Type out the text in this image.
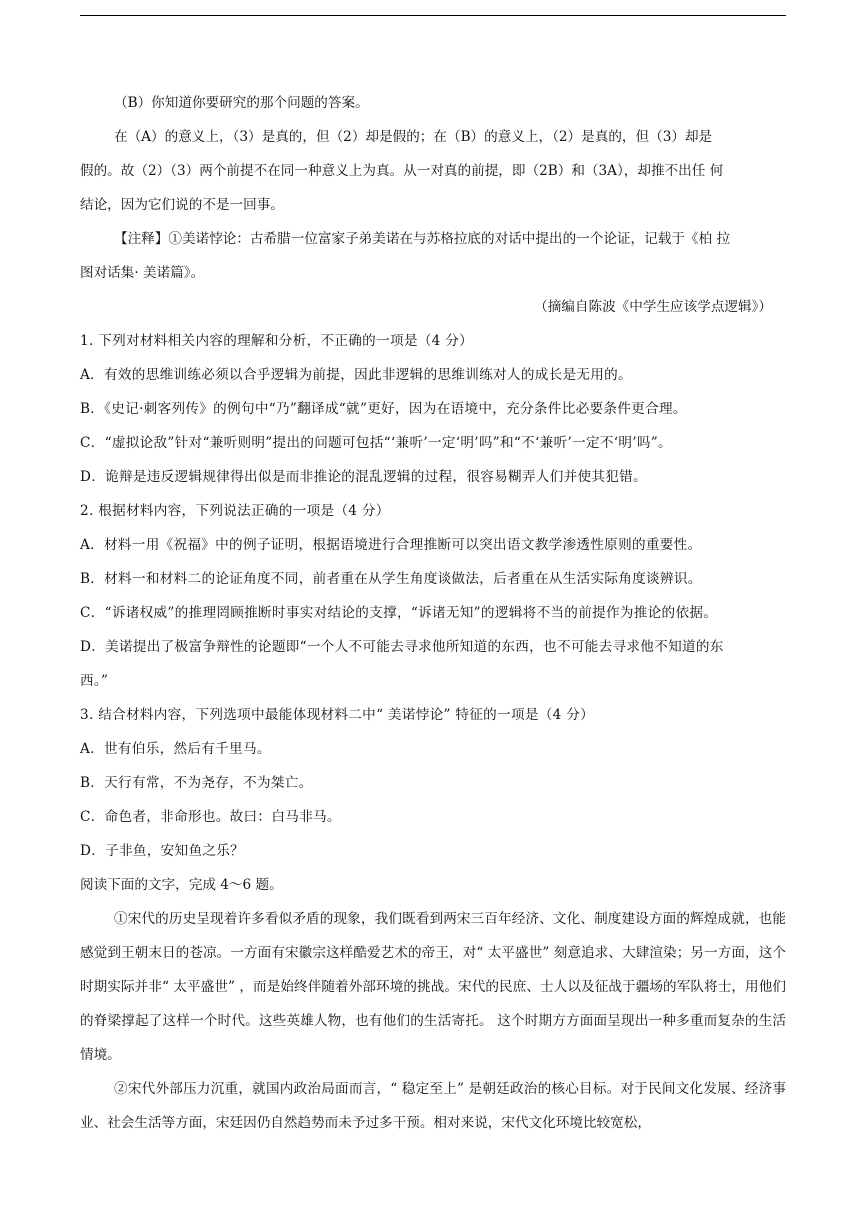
（B）你知道你要研究的那个问题的答案。

在（A）的意义上，（3）是真的，但（2）却是假的；在（B）的意义上，（2）是真的，但（3）却是

假的。故（2）（3）两个前提不在同一种意义上为真。从一对真的前提，即（2B）和（3A），却推不出任 何

结论，因为它们说的不是一回事。

【注释】①美诺悖论：古希腊一位富家子弟美诺在与苏格拉底的对话中提出的一个论证，记载于《柏 拉

图对话集· 美诺篇》。

（摘编自陈波《中学生应该学点逻辑》）

1. 下列对材料相关内容的理解和分析，不正确的一项是（4 分）

A．有效的思维训练必须以合乎逻辑为前提，因此非逻辑的思维训练对人的成长是无用的。

B．《史记·刺客列传》的例句中“乃”翻译成“就”更好，因为在语境中，充分条件比必要条件更合理。

C．“虚拟论敌”针对“兼听则明”提出的问题可包括“‘兼听’一定‘明’吗”和“不‘兼听’一定不‘明’吗”。

D．诡辩是违反逻辑规律得出似是而非推论的混乱逻辑的过程，很容易糊弄人们并使其犯错。

2. 根据材料内容，下列说法正确的一项是（4 分）

A．材料一用《祝福》中的例子证明，根据语境进行合理推断可以突出语文教学渗透性原则的重要性。

B．材料一和材料二的论证角度不同，前者重在从学生角度谈做法，后者重在从生活实际角度谈辨识。

C．“诉诸权威”的推理罔顾推断时事实对结论的支撑，“诉诸无知”的逻辑将不当的前提作为推论的依据。

D．美诺提出了极富争辩性的论题即“一个人不可能去寻求他所知道的东西，也不可能去寻求他不知道的东

西。”

3. 结合材料内容，下列选项中最能体现材料二中“ 美诺悖论” 特征的一项是（4 分）

A．世有伯乐，然后有千里马。

B．天行有常，不为尧存，不为桀亡。

C．命色者，非命形也。故曰：白马非马。

D．子非鱼，安知鱼之乐？

阅读下面的文字，完成 4～6 题。

①宋代的历史呈现着许多看似矛盾的现象，我们既看到两宋三百年经济、文化、制度建设方面的辉煌成就，也能感觉到王朝末日的苍凉。一方面有宋徽宗这样酷爱艺术的帝王，对“ 太平盛世” 刻意追求、大肆渲染；另一方面，这个时期实际并非“ 太平盛世” ，而是始终伴随着外部环境的挑战。宋代的民庶、士人以及征战于疆场的军队将士，用他们的脊梁撑起了这样一个时代。这些英雄人物，也有他们的生活寄托。 这个时期方方面面呈现出一种多重而复杂的生活情境。

②宋代外部压力沉重，就国内政治局面而言，“ 稳定至上” 是朝廷政治的核心目标。对于民间文化发展、经济事业、社会生活等方面，宋廷因仍自然趋势而未予过多干预。相对来说，宋代文化环境比较宽松，
